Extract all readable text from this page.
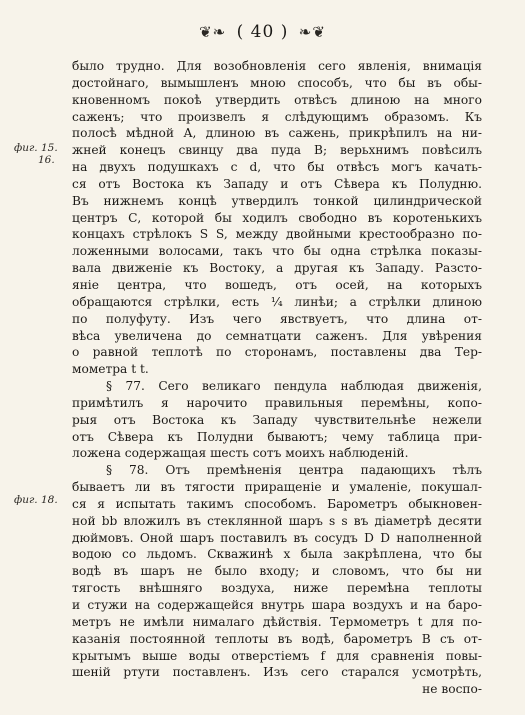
❦❧ ( 40 ) ❧❦
фиг. 15.
16.
фиг. 18.
было трудно. Для возобновленія сего явленія, внимація
достойнаго, вымышленъ мною способъ, что бы въ обы-
кновенномъ покоѣ утвердить отвѣсъ длиною на много
саженъ; что произвелъ я слѣдующимъ образомъ. Къ
полосѣ мѣдной А, длиною въ сажень, прикрѣпилъ на ни-
жней конецъ свинцу два пуда В; верьхнимъ повѣсилъ
на двухъ подушкахъ c d, что бы отвѣсъ могъ качать-
ся отъ Востока къ Западу и отъ Сѣвера къ Полудню.
Въ нижнемъ концѣ утвердилъ тонкой цилиндрической
центръ С, которой бы ходилъ свободно въ коротенькихъ
концахъ стрѣлокъ S S, между двойными крестообразно по-
ложенными волосами, такъ что бы одна стрѣлка показы-
вала движеніе къ Востоку, а другая къ Западу. Разсто-
яніе центра, что вошедъ, отъ осей, на которыхъ
обращаются стрѣлки, есть ¼ линѣи; а стрѣлки длиною
по полуфуту. Изъ чего явствуетъ, что длина от-
вѣса увеличена до семнатцати саженъ. Для увѣрения
о равной теплотѣ по сторонамъ, поставлены два Тер-
мометра t t.
§ 77. Сего великаго пендула наблюдая движенія,
примѣтилъ я нарочито правильныя перемѣны, копо-
рыя отъ Востока къ Западу чувствительнѣе нежели
отъ Сѣвера къ Полудни бываютъ; чему таблица при-
ложена содержащая шесть сотъ моихъ наблюденій.
§ 78. Отъ премѣненія центра падающихъ тѣлъ
бываетъ ли въ тягости приращеніе и умаленіе, покушал-
ся я испытать такимъ способомъ. Барометръ обыкновен-
ной bb вложилъ въ стеклянной шаръ s s въ діаметрѣ десяти
дюймовъ. Оной шаръ поставилъ въ сосудъ D D наполненной
водою со льдомъ. Скважинѣ x была закрѣплена, что бы
водѣ въ шаръ не было входу; и словомъ, что бы ни
тягость внѣшняго воздуха, ниже перемѣна теплоты
и стужи на содержащейся внутрь шара воздухъ и на баро-
метръ не имѣли нималаго дѣйствія. Термометръ t для по-
казанія постоянной теплоты въ водѣ, барометръ В съ от-
крытымъ выше воды отверстіемъ f для сравненія повы-
шеній ртути поставленъ. Изъ сего старался усмотрѣть,
не воспо-
